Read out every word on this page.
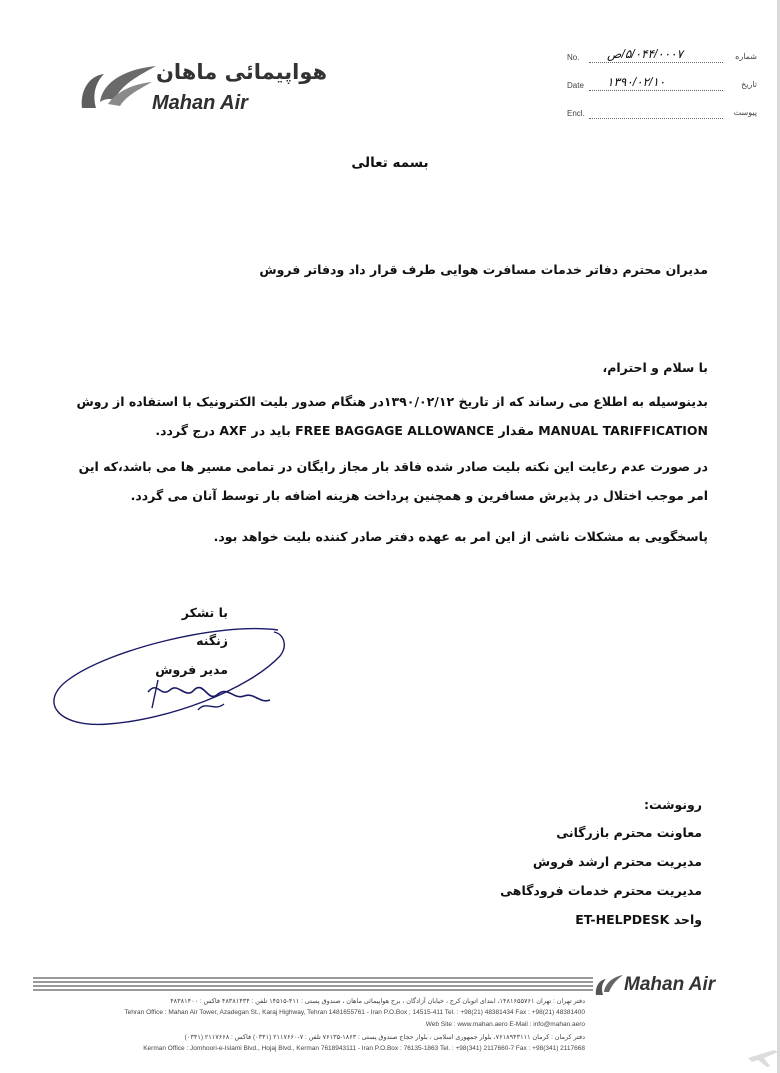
هواپیمائی ماهان
Mahan Air
No. ۵/۰۴۴/۰۰۰۷/ص	شماره
Date ۱۳۹۰/۰۲/۱۰	تاریخ
Encl.	پیوست
بسمه تعالی
مدیران محترم دفاتر خدمات مسافرت هوایی طرف قرار داد ودفاتر فروش
با سلام و احترام،
بدینوسیله به اطلاع می رساند که از تاریخ ۱۳۹۰/۰۲/۱۲در هنگام صدور بلیت الکترونیک با استفاده از روش MANUAL TARIFFICATION مقدار FREE BAGGAGE ALLOWANCE باید در AXF درج گردد.
در صورت عدم رعایت این نکته بلیت صادر شده فاقد بار مجاز رایگان در تمامی مسیر ها می باشد،که این امر موجب اختلال در پذیرش مسافرین و همچنین پرداخت هزینه اضافه بار توسط آنان می گردد.
پاسخگویی به مشکلات ناشی از این امر به عهده دفتر صادر کننده بلیت خواهد بود.
با تشکر
زنگنه
مدیر فروش
رونوشت:
معاونت محترم بازرگانی
مدیریت محترم ارشد فروش
مدیریت محترم خدمات فرودگاهی
واحد ET-HELPDESK
Mahan Air
دفتر تهران : تهران ۱۴۸۱۶۵۵۷۶۱، ابتدای اتوبان کرج ، خیابان آزادگان ، برج هواپیمائی ماهان ، صندوق پستی : ۴۱۱-۱۴۵۱۵ تلفن : ۴۸۳۸۱۴۳۴ فاکس : ۴۸۳۸۱۴۰۰
Tehran Office : Mahan Air Tower, Azadegan St., Karaj Highway, Tehran 1481655761 - Iran P.O.Box ; 14515-411 Tel. : +98(21) 48381434 Fax : +98(21) 48381400
Web Site : www.mahan.aero E-Mail : info@mahan.aero
دفتر کرمان : کرمان ۷۶۱۸۹۴۳۱۱۱، بلوار جمهوری اسلامی ، بلوار حجاج صندوق پستی : ۱۸۶۳-۷۶۱۳۵ تلفن : ۷-۲۱۱۷۶۶۰ (۰۳۴۱) فاکس : ۲۱۱۷۶۶۸ (۰۳۴۱)
Kerman Office : Jomhoori-e-Islami Blvd., Hojaj Blvd., Kerman 7618943111 - Iran P.O.Box : 76135-1863 Tel. : +98(341) 2117660-7 Fax : +98(341) 2117668
